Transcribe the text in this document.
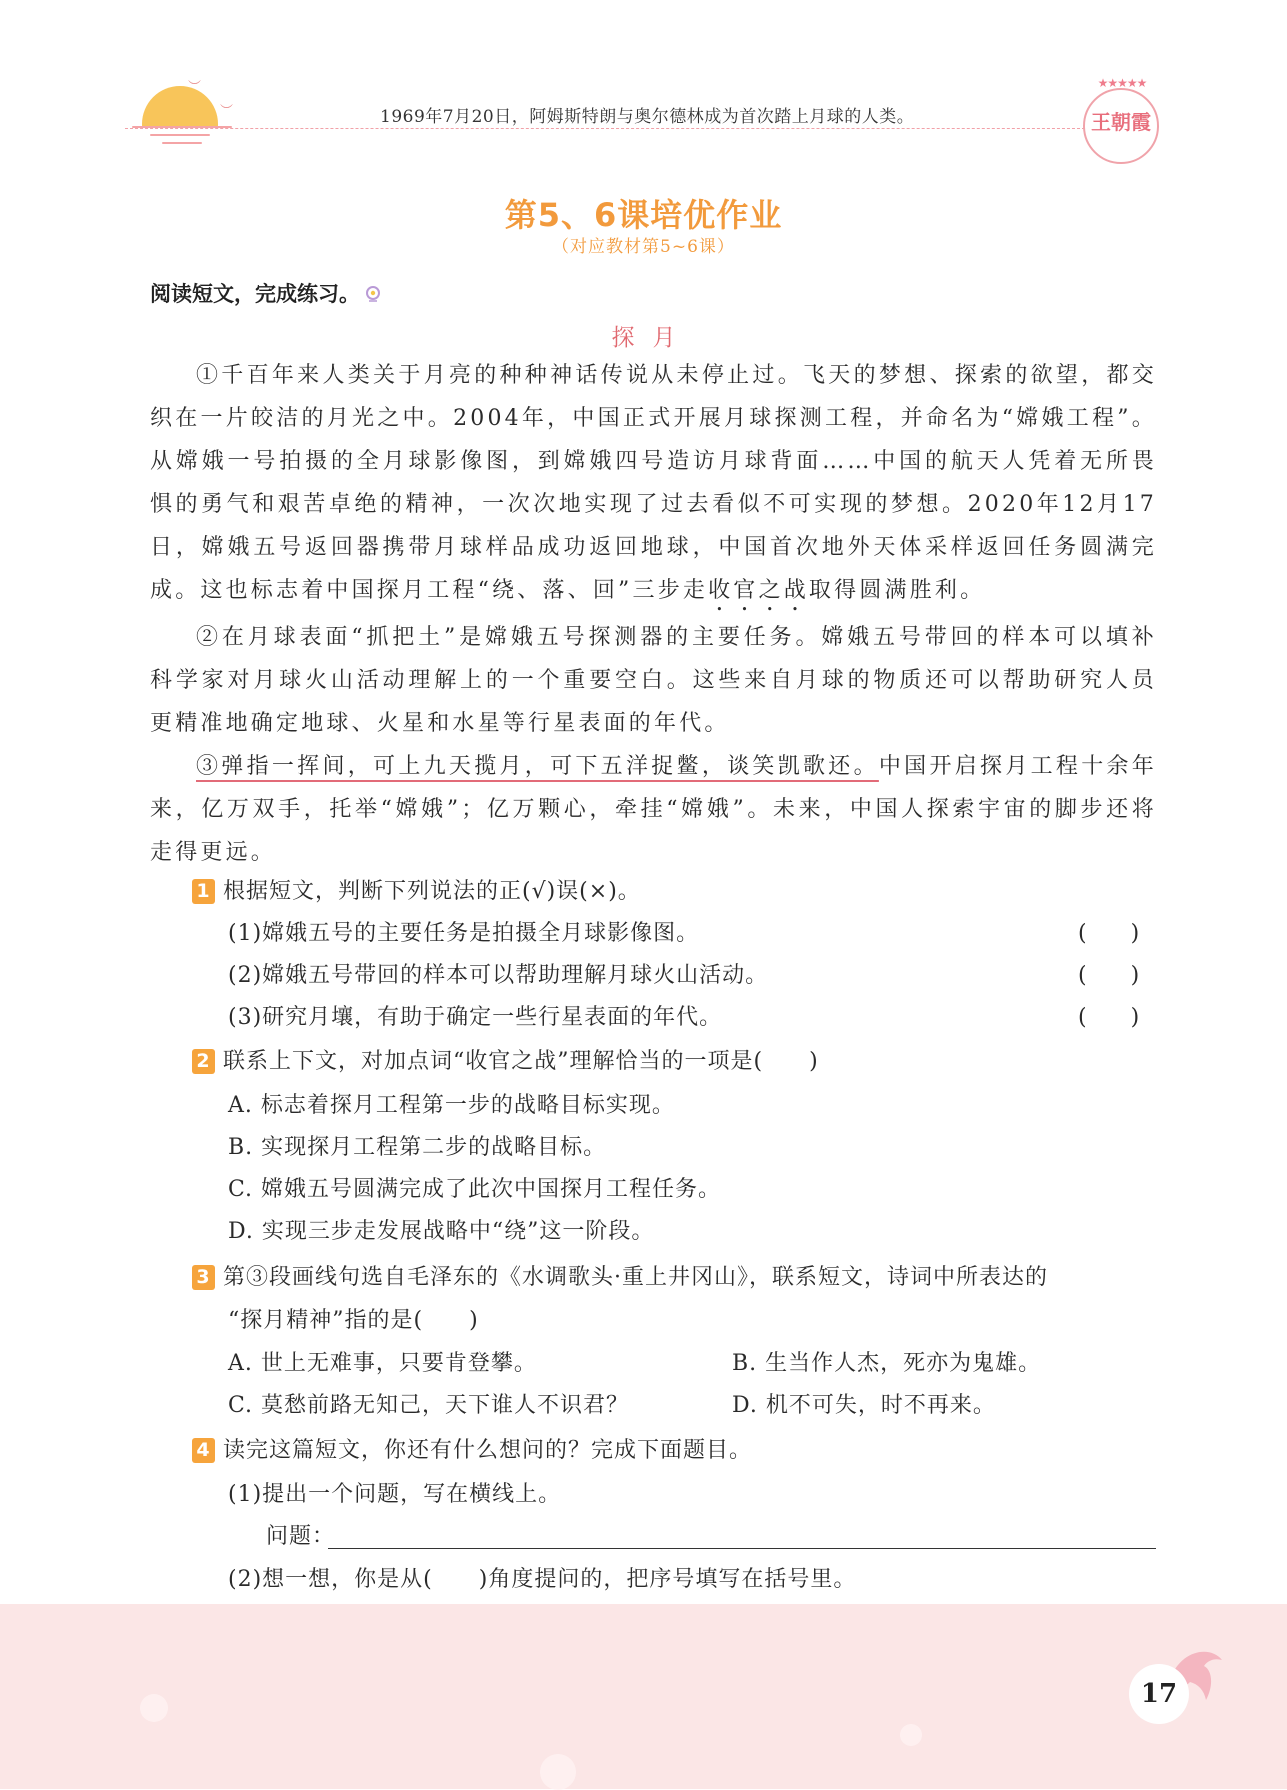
︶
︶	1969年7月20日，阿姆斯特朗与奥尔德林成为首次踏上月球的人类。
★★★★★
王朝霞
第5、6课培优作业
（对应教材第5~6课）
阅读短文，完成练习。
探月

①千百年来人类关于月亮的种种神话传说从未停止过。飞天的梦想、探索的欲望，都交织在一片皎洁的月光之中。2004年，中国正式开展月球探测工程，并命名为“嫦娥工程”。从嫦娥一号拍摄的全月球影像图，到嫦娥四号造访月球背面……中国的航天人凭着无所畏惧的勇气和艰苦卓绝的精神，一次次地实现了过去看似不可实现的梦想。2020年12月17日，嫦娥五号返回器携带月球样品成功返回地球，中国首次地外天体采样返回任务圆满完成。这也标志着中国探月工程“绕、落、回”三步走收官之战取得圆满胜利。

②在月球表面“抓把土”是嫦娥五号探测器的主要任务。嫦娥五号带回的样本可以填补科学家对月球火山活动理解上的一个重要空白。这些来自月球的物质还可以帮助研究人员更精准地确定地球、火星和水星等行星表面的年代。

③弹指一挥间，可上九天揽月，可下五洋捉鳖，谈笑凯歌还。中国开启探月工程十余年来，亿万双手，托举“嫦娥”；亿万颗心，牵挂“嫦娥”。未来，中国人探索宇宙的脚步还将走得更远。

1 根据短文，判断下列说法的正(√)误(×)。
(1)嫦娥五号的主要任务是拍摄全月球影像图。	(　　)
(2)嫦娥五号带回的样本可以帮助理解月球火山活动。	(　　)
(3)研究月壤，有助于确定一些行星表面的年代。	(　　)
2 联系上下文，对加点词“收官之战”理解恰当的一项是(　　)
A. 标志着探月工程第一步的战略目标实现。
B. 实现探月工程第二步的战略目标。
C. 嫦娥五号圆满完成了此次中国探月工程任务。
D. 实现三步走发展战略中“绕”这一阶段。
3 第③段画线句选自毛泽东的《水调歌头·重上井冈山》，联系短文，诗词中所表达的
“探月精神”指的是(　　)
A. 世上无难事，只要肯登攀。	B. 生当作人杰，死亦为鬼雄。
C. 莫愁前路无知己，天下谁人不识君？	D. 机不可失，时不再来。
4 读完这篇短文，你还有什么想问的？完成下面题目。
(1)提出一个问题，写在横线上。
问题：
(2)想一想，你是从(　　)角度提问的，把序号填写在括号里。
17
